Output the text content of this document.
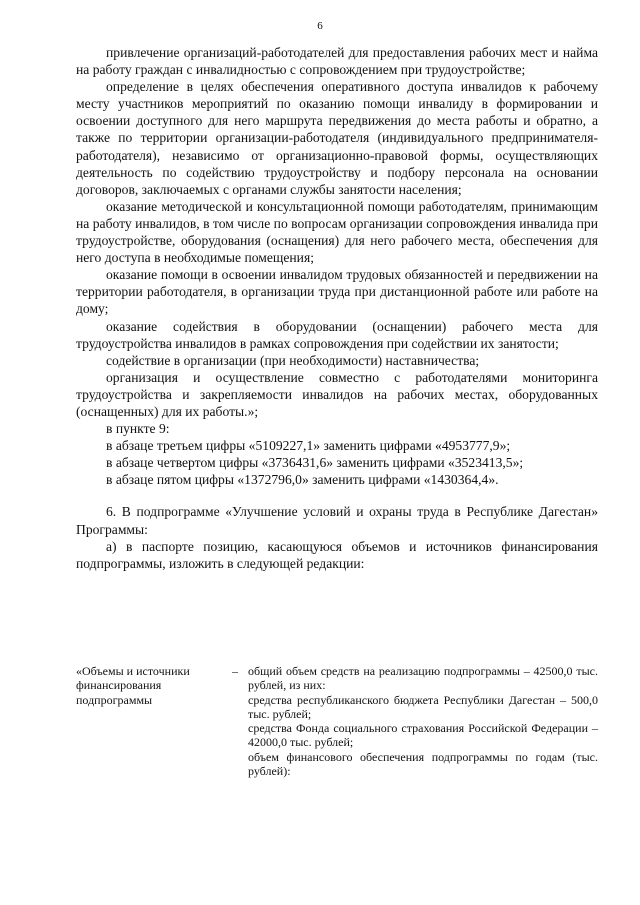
6

привлечение организаций-работодателей для предоставления рабочих мест и найма на работу граждан с инвалидностью с сопровождением при трудоустройстве;

определение в целях обеспечения оперативного доступа инвалидов к рабочему месту участников мероприятий по оказанию помощи инвалиду в формировании и освоении доступного для него маршрута передвижения до места работы и обратно, а также по территории организации-работодателя (индивидуального предпринимателя-работодателя), независимо от организационно-правовой формы, осуществляющих деятельность по содействию трудоустройству и подбору персонала на основании договоров, заключаемых с органами службы занятости населения;

оказание методической и консультационной помощи работодателям, принимающим на работу инвалидов, в том числе по вопросам организации сопровождения инвалида при трудоустройстве, оборудования (оснащения) для него рабочего места, обеспечения для него доступа в необходимые помещения;

оказание помощи в освоении инвалидом трудовых обязанностей и передвижении на территории работодателя, в организации труда при дистанционной работе или работе на дому;

оказание содействия в оборудовании (оснащении) рабочего места для трудоустройства инвалидов в рамках сопровождения при содействии их занятости;

содействие в организации (при необходимости) наставничества;

организация и осуществление совместно с работодателями мониторинга трудоустройства и закрепляемости инвалидов на рабочих местах, оборудованных (оснащенных) для их работы.»;

в пункте 9:

в абзаце третьем цифры «5109227,1» заменить цифрами «4953777,9»;

в абзаце четвертом цифры «3736431,6» заменить цифрами «3523413,5»;

в абзаце пятом цифры «1372796,0» заменить цифрами «1430364,4».

6. В подпрограмме «Улучшение условий и охраны труда в Республике Дагестан» Программы:

а) в паспорте позицию, касающуюся объемов и источников финансирования подпрограммы, изложить в следующей редакции:

«Объемы и источники	–
финансирования
подпрограммы

общий объем средств на реализацию подпрограммы – 42500,0 тыс. рублей, из них:

средства республиканского бюджета Республики Дагестан – 500,0 тыс. рублей;

средства Фонда социального страхования Российской Федерации – 42000,0 тыс. рублей;

объем финансового обеспечения подпрограммы по годам (тыс. рублей):
